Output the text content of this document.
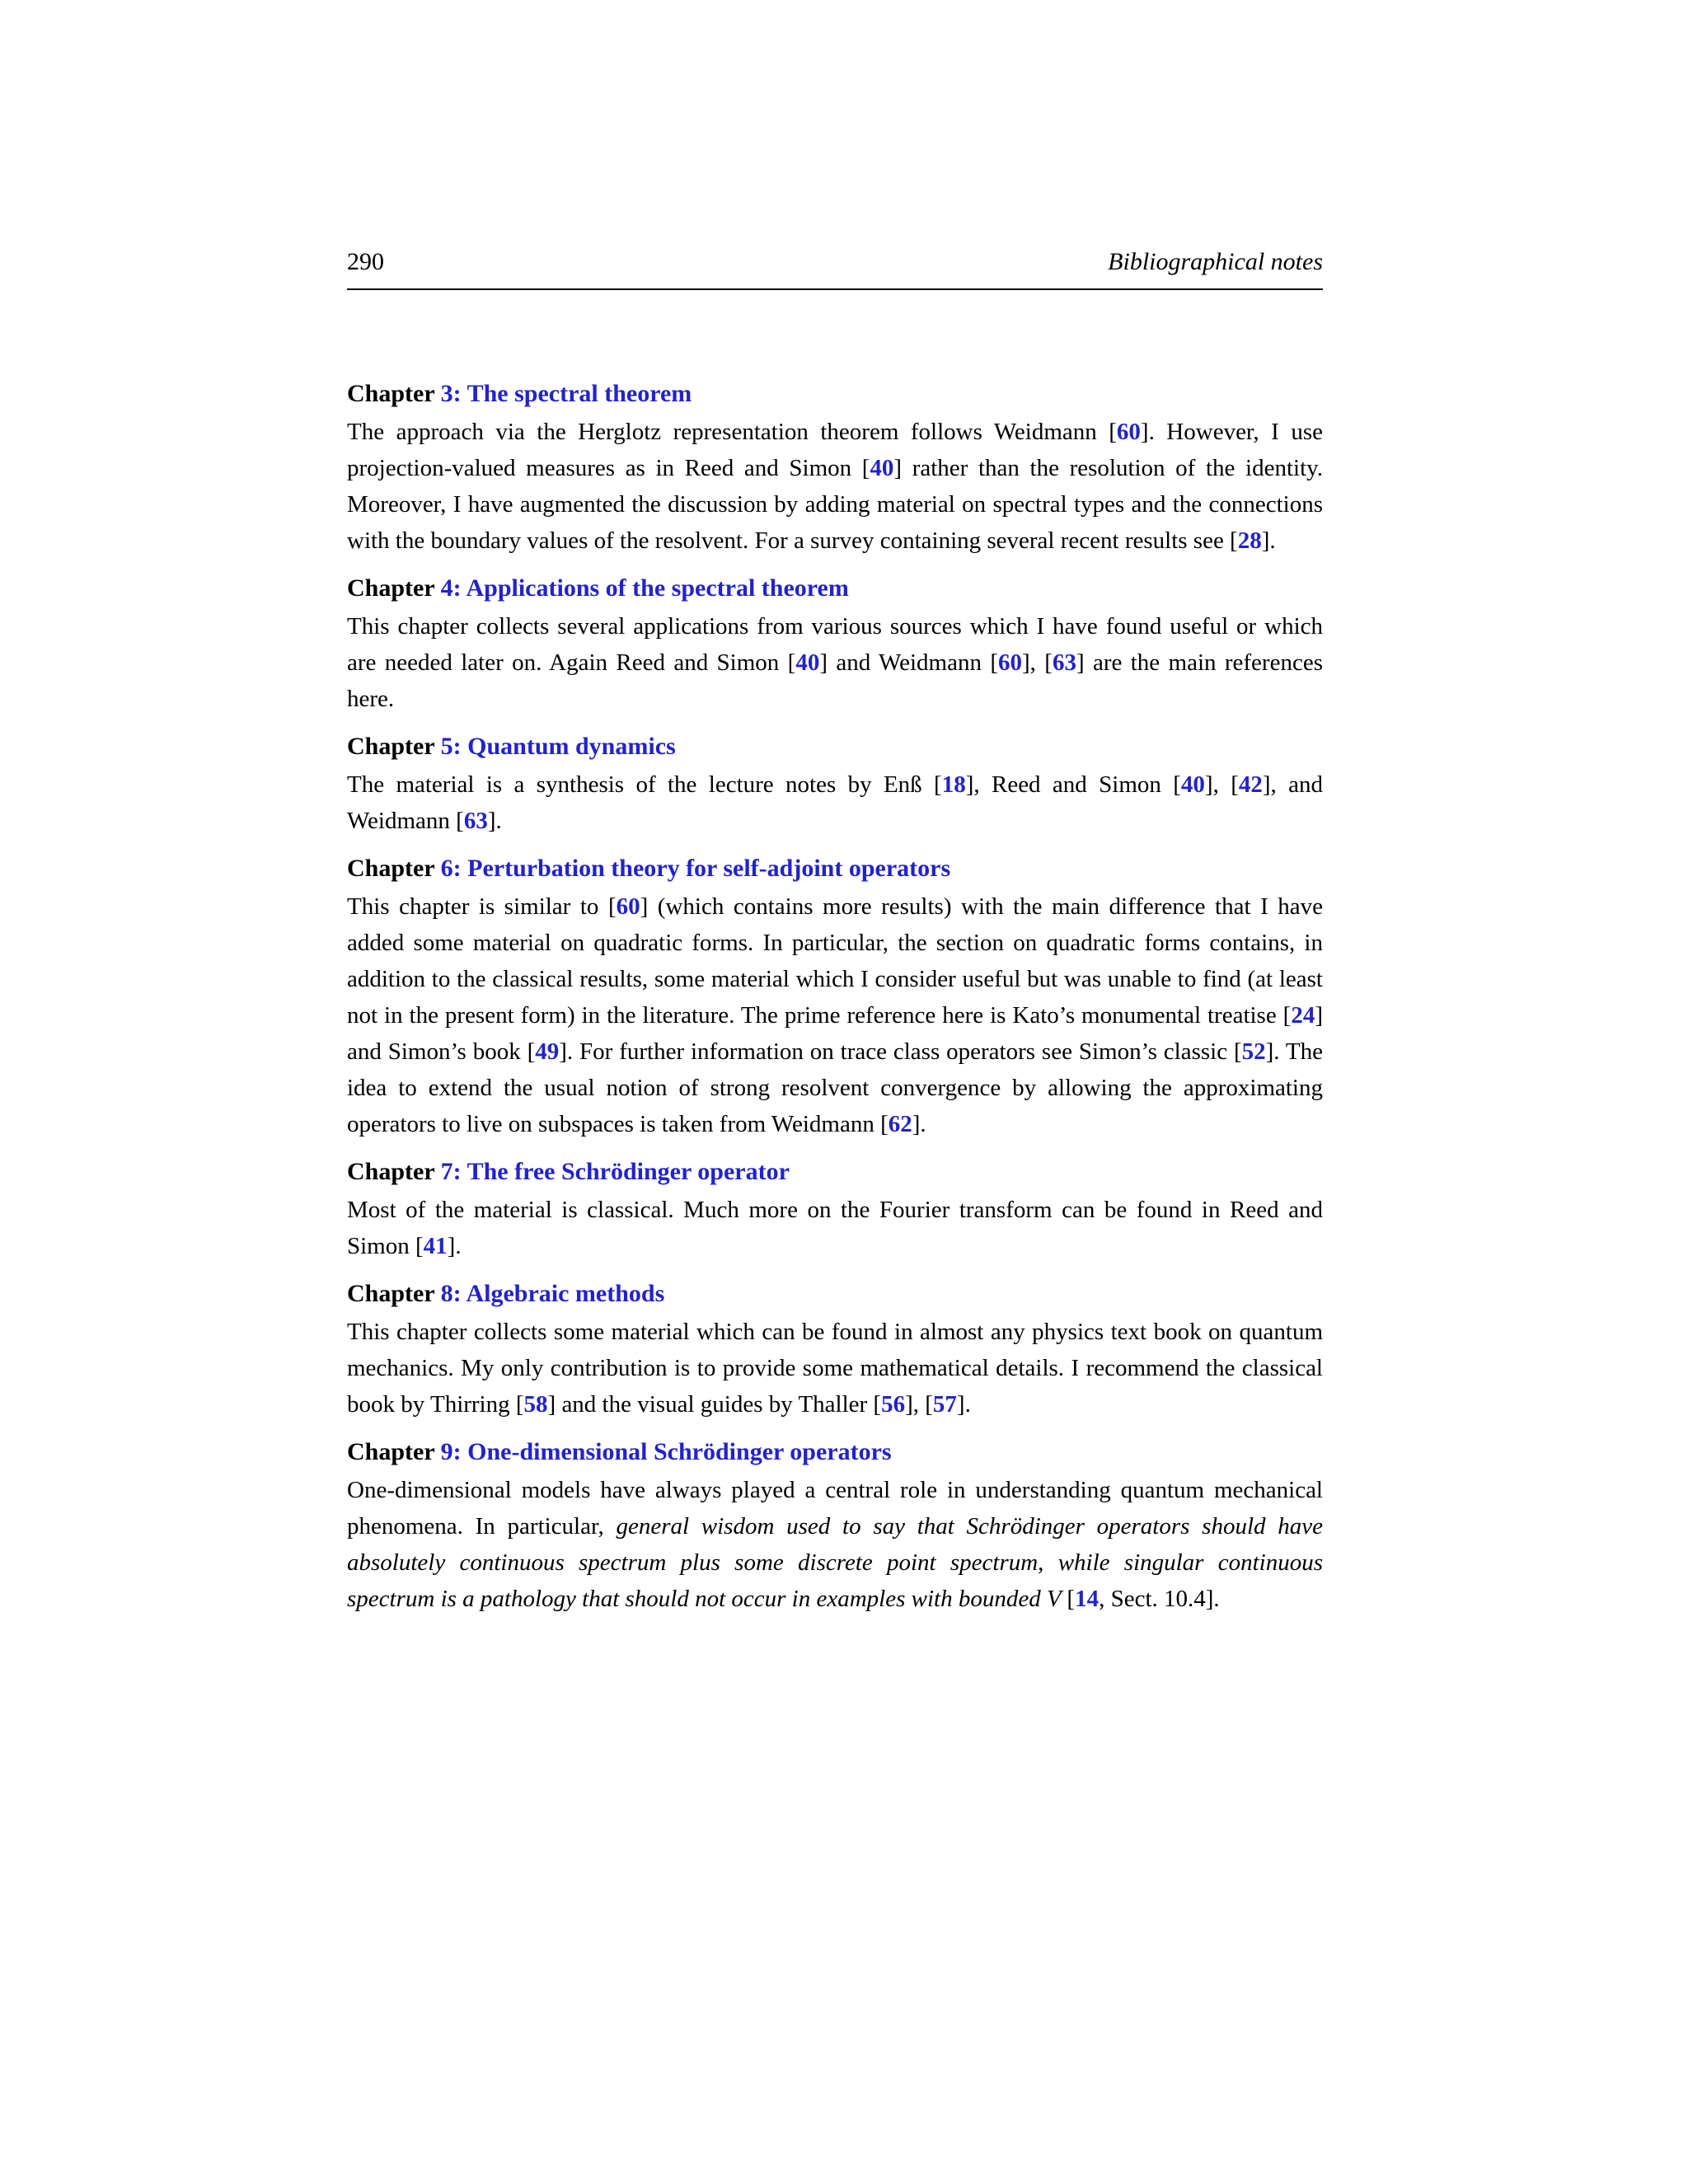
290	Bibliographical notes
Chapter 3: The spectral theorem

The approach via the Herglotz representation theorem follows Weidmann [60]. However, I use projection-valued measures as in Reed and Simon [40] rather than the resolution of the identity. Moreover, I have augmented the discussion by adding material on spectral types and the connections with the boundary values of the resolvent. For a survey containing several recent results see [28].

Chapter 4: Applications of the spectral theorem

This chapter collects several applications from various sources which I have found useful or which are needed later on. Again Reed and Simon [40] and Weidmann [60], [63] are the main references here.

Chapter 5: Quantum dynamics

The material is a synthesis of the lecture notes by Enß [18], Reed and Simon [40], [42], and Weidmann [63].

Chapter 6: Perturbation theory for self-adjoint operators

This chapter is similar to [60] (which contains more results) with the main difference that I have added some material on quadratic forms. In particular, the section on quadratic forms contains, in addition to the classical results, some material which I consider useful but was unable to find (at least not in the present form) in the literature. The prime reference here is Kato’s monumental treatise [24] and Simon’s book [49]. For further information on trace class operators see Simon’s classic [52]. The idea to extend the usual notion of strong resolvent convergence by allowing the approximating operators to live on subspaces is taken from Weidmann [62].

Chapter 7: The free Schrödinger operator

Most of the material is classical. Much more on the Fourier transform can be found in Reed and Simon [41].

Chapter 8: Algebraic methods

This chapter collects some material which can be found in almost any physics text book on quantum mechanics. My only contribution is to provide some mathematical details. I recommend the classical book by Thirring [58] and the visual guides by Thaller [56], [57].

Chapter 9: One-dimensional Schrödinger operators

One-dimensional models have always played a central role in understanding quantum mechanical phenomena. In particular, general wisdom used to say that Schrödinger operators should have absolutely continuous spectrum plus some discrete point spectrum, while singular continuous spectrum is a pathology that should not occur in examples with bounded V [14, Sect. 10.4].
